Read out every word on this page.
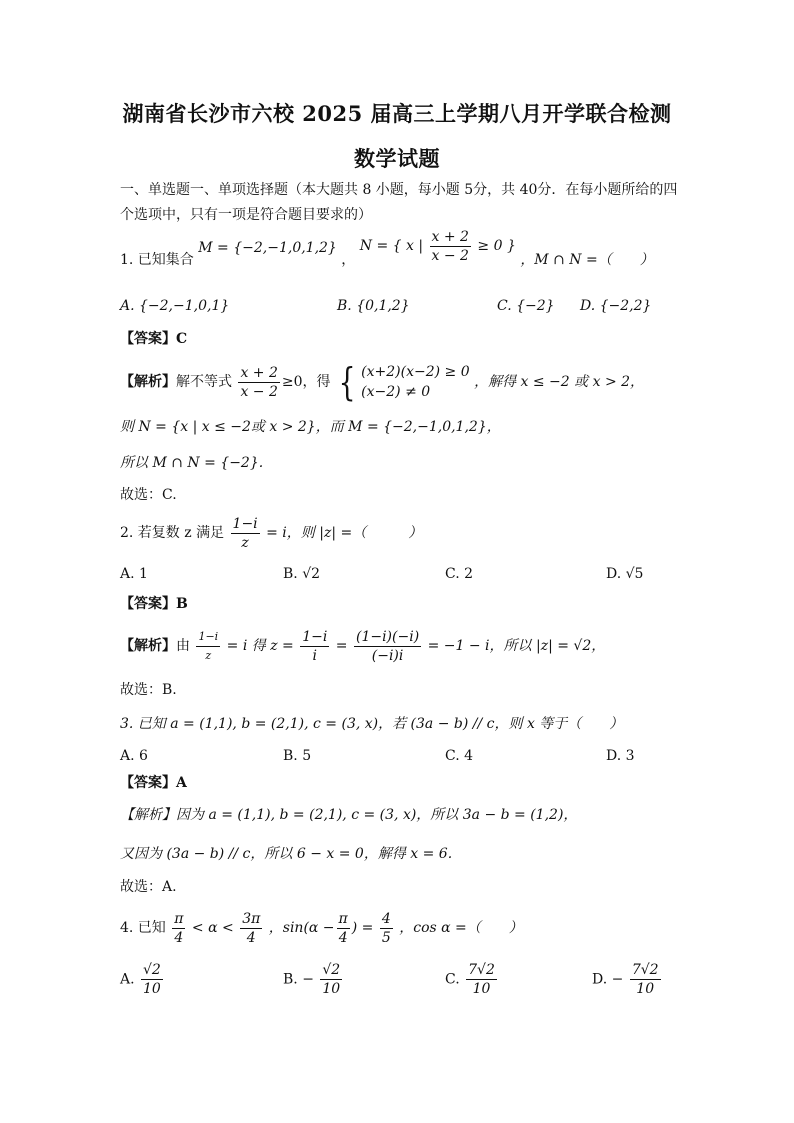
湖南省长沙市六校 2025 届高三上学期八月开学联合检测
数学试题
一、单选题一、单项选择题（本大题共 8 小题，每小题 5分，共 40分．在每小题所给的四
个选项中，只有一项是符合题目要求的）
1. 已知集合 M = {−2,−1,0,1,2} ， N = { x | $\frac{x + 2}{x - 2} \ge 0$ } ，M ∩ N =（　　）
A. {−2,−1,0,1}	B. {0,1,2}	C. {−2} D. {−2,2}
【答案】C
【解析】解不等式 $\frac{x + 2}{x - 2} \ge 0$，得 { (x+2)(x−2) ≥ 0
(x−2) ≠ 0
，解得 x ≤ −2 或 x > 2，
则 N = {x | x ≤ −2或 x > 2}，而 M = {−2,−1,0,1,2}，
所以 M ∩ N = {−2}.
故选：C.
2. 若复数 z 满足 $\frac{1-i}{z} = i$，则 |z| =（　　　）
A. 1	B. √2	C. 2	D. √5
【答案】B
【解析】由 $\frac{1-i}{z} = i$ 得 $z = \frac{1-i}{i} = \frac{(1-i)(-i)}{(-i)i} = -1 - i$，所以 |z| = √2，
故选：B.
3. 已知 a = (1,1), b = (2,1), c = (3, x)，若 (3a − b) // c，则 x 等于（　　）
A. 6	B. 5	C. 4	D. 3
【答案】A
【解析】因为 a = (1,1), b = (2,1), c = (3, x)，所以 3a − b = (1,2)，
又因为 (3a − b) // c，所以 6 − x = 0，解得 x = 6.
故选：A.
4. 已知 $\frac{\pi}{4} < \alpha < \frac{3\pi}{4}$ ，$\sin(\alpha - \frac{\pi}{4}$ ) = $\frac{4}{5}$ ，cos α =（　　）
A. $\frac{√2}{10}$	B. − $\frac{√2}{10}$	C. $\frac{7√2}{10}$	D. − $\frac{7√2}{10}$
